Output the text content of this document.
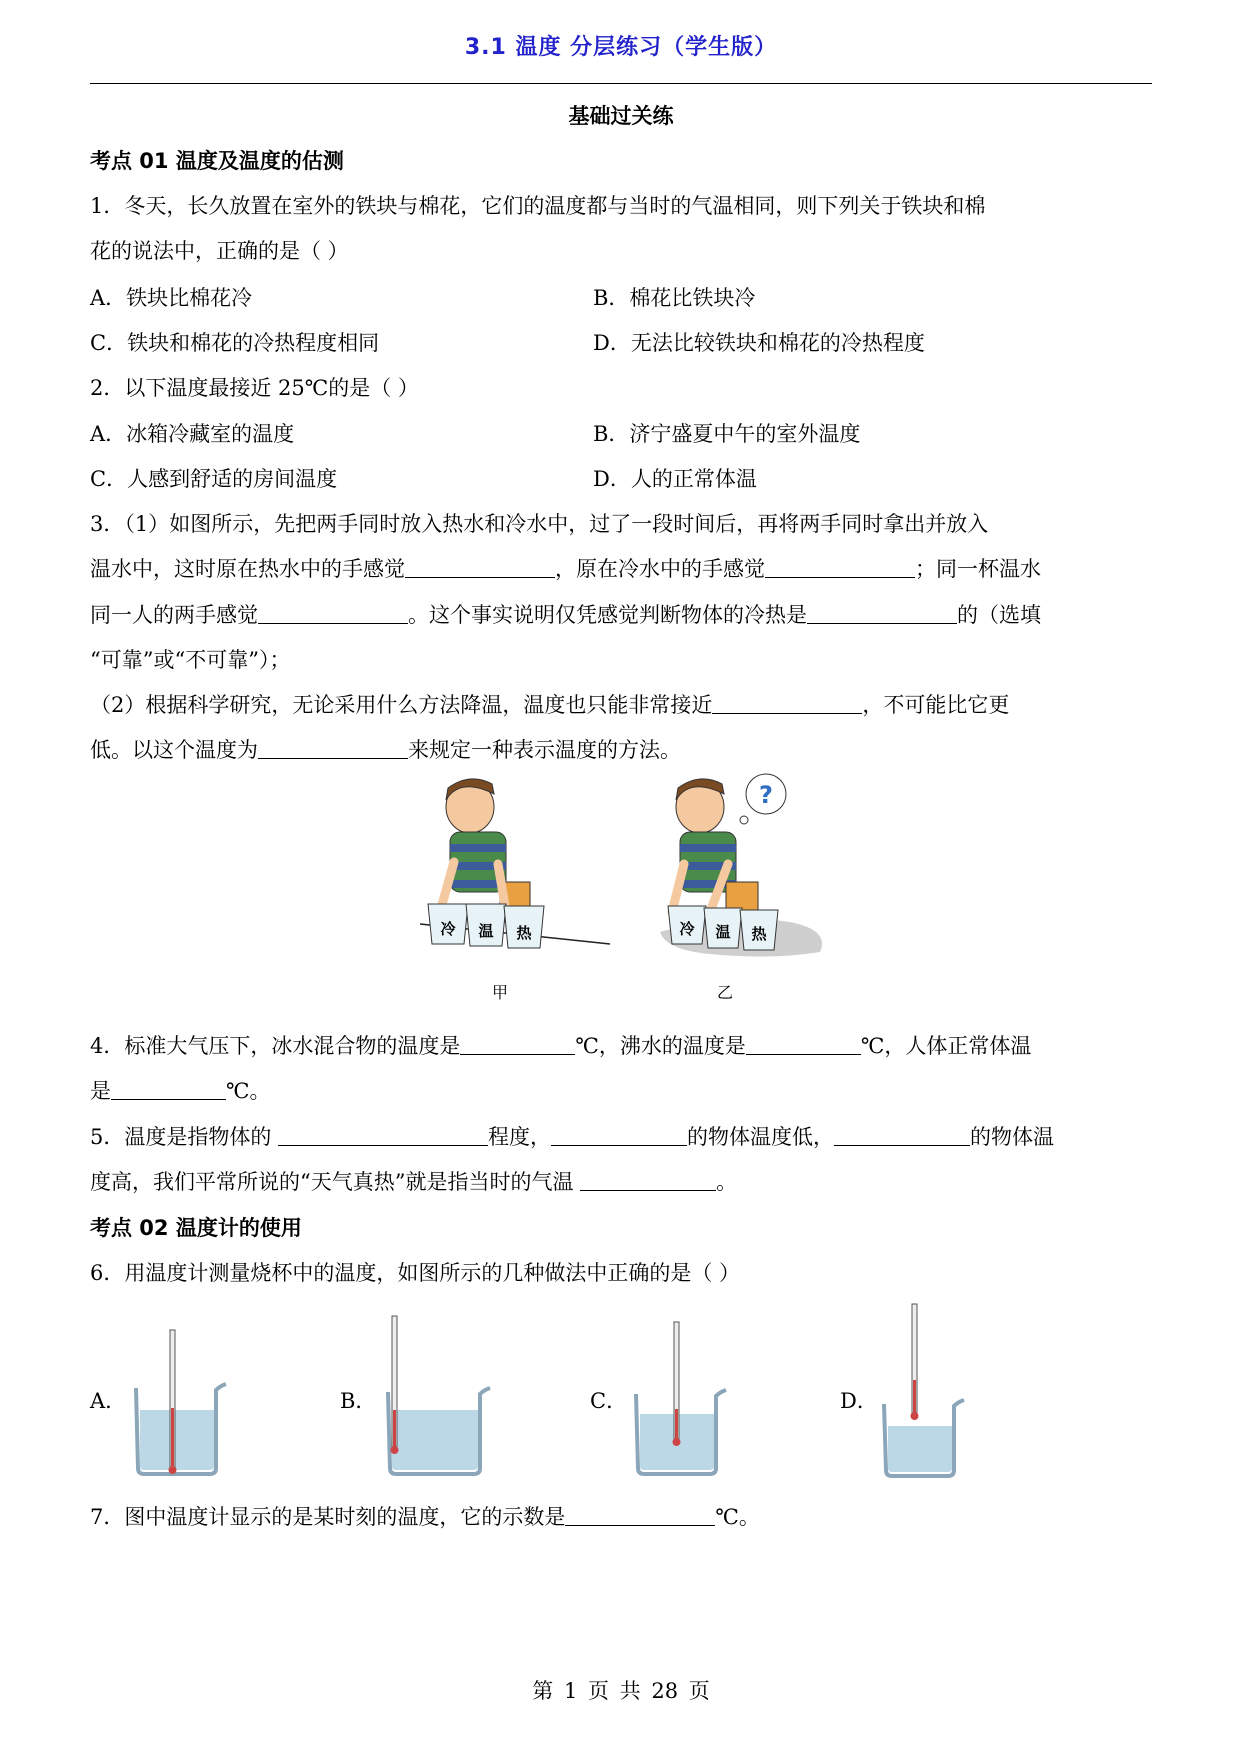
3.1 温度 分层练习（学生版）
基础过关练
考点 01 温度及温度的估测
1．冬天，长久放置在室外的铁块与棉花，它们的温度都与当时的气温相同，则下列关于铁块和棉
花的说法中，正确的是（ ）
A．铁块比棉花冷	B．棉花比铁块冷
C．铁块和棉花的冷热程度相同	D．无法比较铁块和棉花的冷热程度
2．以下温度最接近 25℃的是（ ）
A．冰箱冷藏室的温度	B．济宁盛夏中午的室外温度
C．人感到舒适的房间温度	D．人的正常体温
3．（1）如图所示，先把两手同时放入热水和冷水中，过了一段时间后，再将两手同时拿出并放入
温水中，这时原在热水中的手感觉	，原在冷水中的手感觉	；同一杯温水
同一人的两手感觉	。这个事实说明仅凭感觉判断物体的冷热是	的（选填
“可靠”或“不可靠”）；
（2）根据科学研究，无论采用什么方法降温，温度也只能非常接近	，不可能比它更
低。以这个温度为	来规定一种表示温度的方法。
冷 温 热
甲
?
冷 温 热
乙
4．标准大气压下，冰水混合物的温度是	℃，沸水的温度是	℃，人体正常体温
是	℃。
5．温度是指物体的	程度，	的物体温度低，	的物体温
度高，我们平常所说的“天气真热”就是指当时的气温	。
考点 02 温度计的使用
6．用温度计测量烧杯中的温度，如图所示的几种做法中正确的是（ ）
A．	B．	C．	D．
7．图中温度计显示的是某时刻的温度，它的示数是	℃。
第 1 页 共 28 页
